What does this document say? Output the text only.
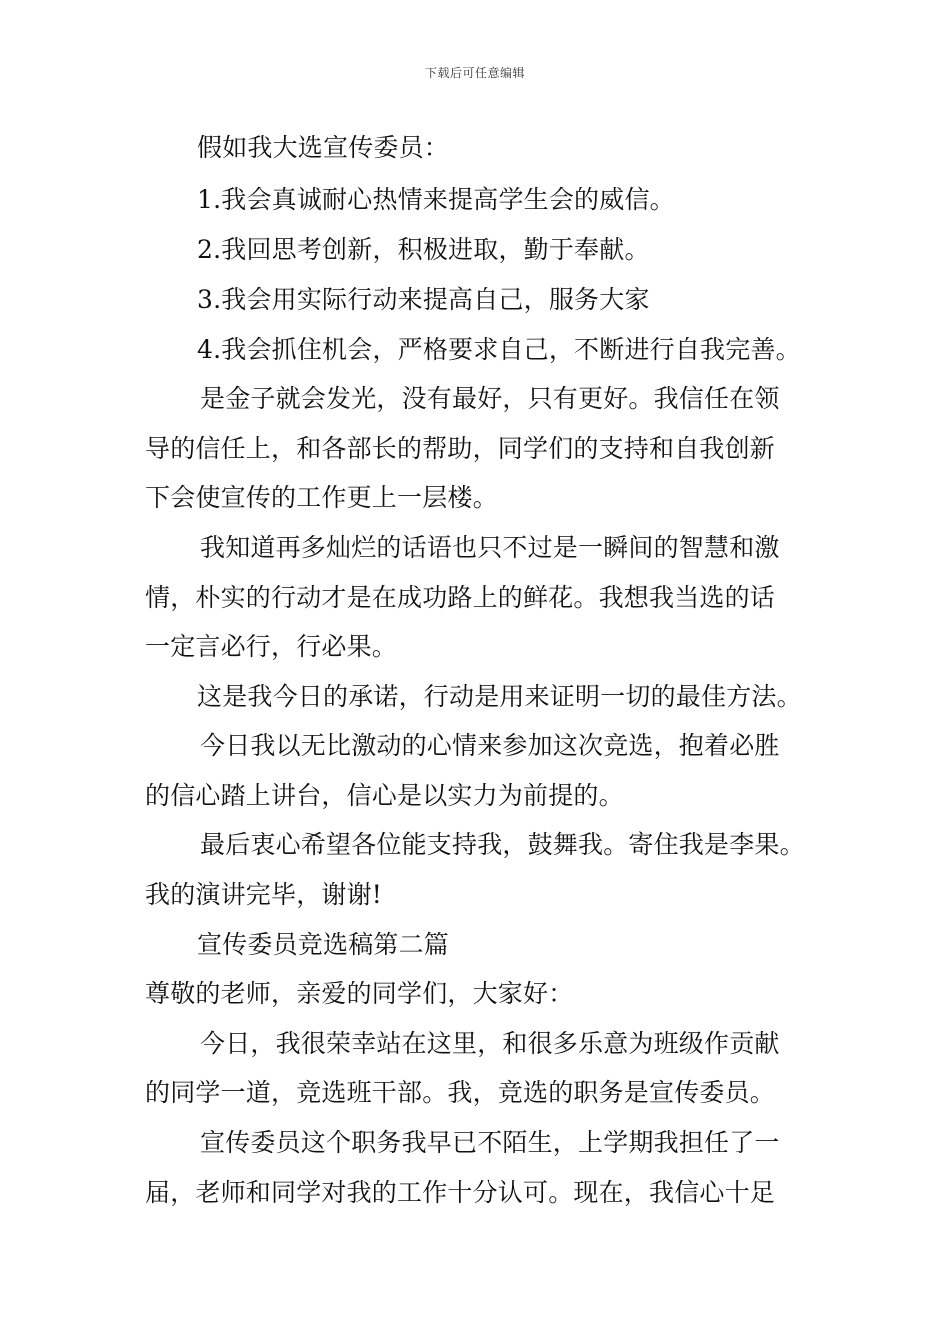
下载后可任意编辑
假如我大选宣传委员：
1.我会真诚耐心热情来提高学生会的威信。
2.我回思考创新，积极进取，勤于奉献。
3.我会用实际行动来提高自己，服务大家
4.我会抓住机会，严格要求自己，不断进行自我完善。
是金子就会发光，没有最好，只有更好。我信任在领
导的信任上，和各部长的帮助，同学们的支持和自我创新
下会使宣传的工作更上一层楼。
我知道再多灿烂的话语也只不过是一瞬间的智慧和激
情，朴实的行动才是在成功路上的鲜花。我想我当选的话
一定言必行，行必果。
这是我今日的承诺，行动是用来证明一切的最佳方法。
今日我以无比激动的心情来参加这次竞选，抱着必胜
的信心踏上讲台，信心是以实力为前提的。
最后衷心希望各位能支持我，鼓舞我。寄住我是李果。
我的演讲完毕，谢谢!
宣传委员竞选稿第二篇
尊敬的老师，亲爱的同学们，大家好：
今日，我很荣幸站在这里，和很多乐意为班级作贡献
的同学一道，竞选班干部。我，竞选的职务是宣传委员。
宣传委员这个职务我早已不陌生，上学期我担任了一
届，老师和同学对我的工作十分认可。现在，我信心十足
